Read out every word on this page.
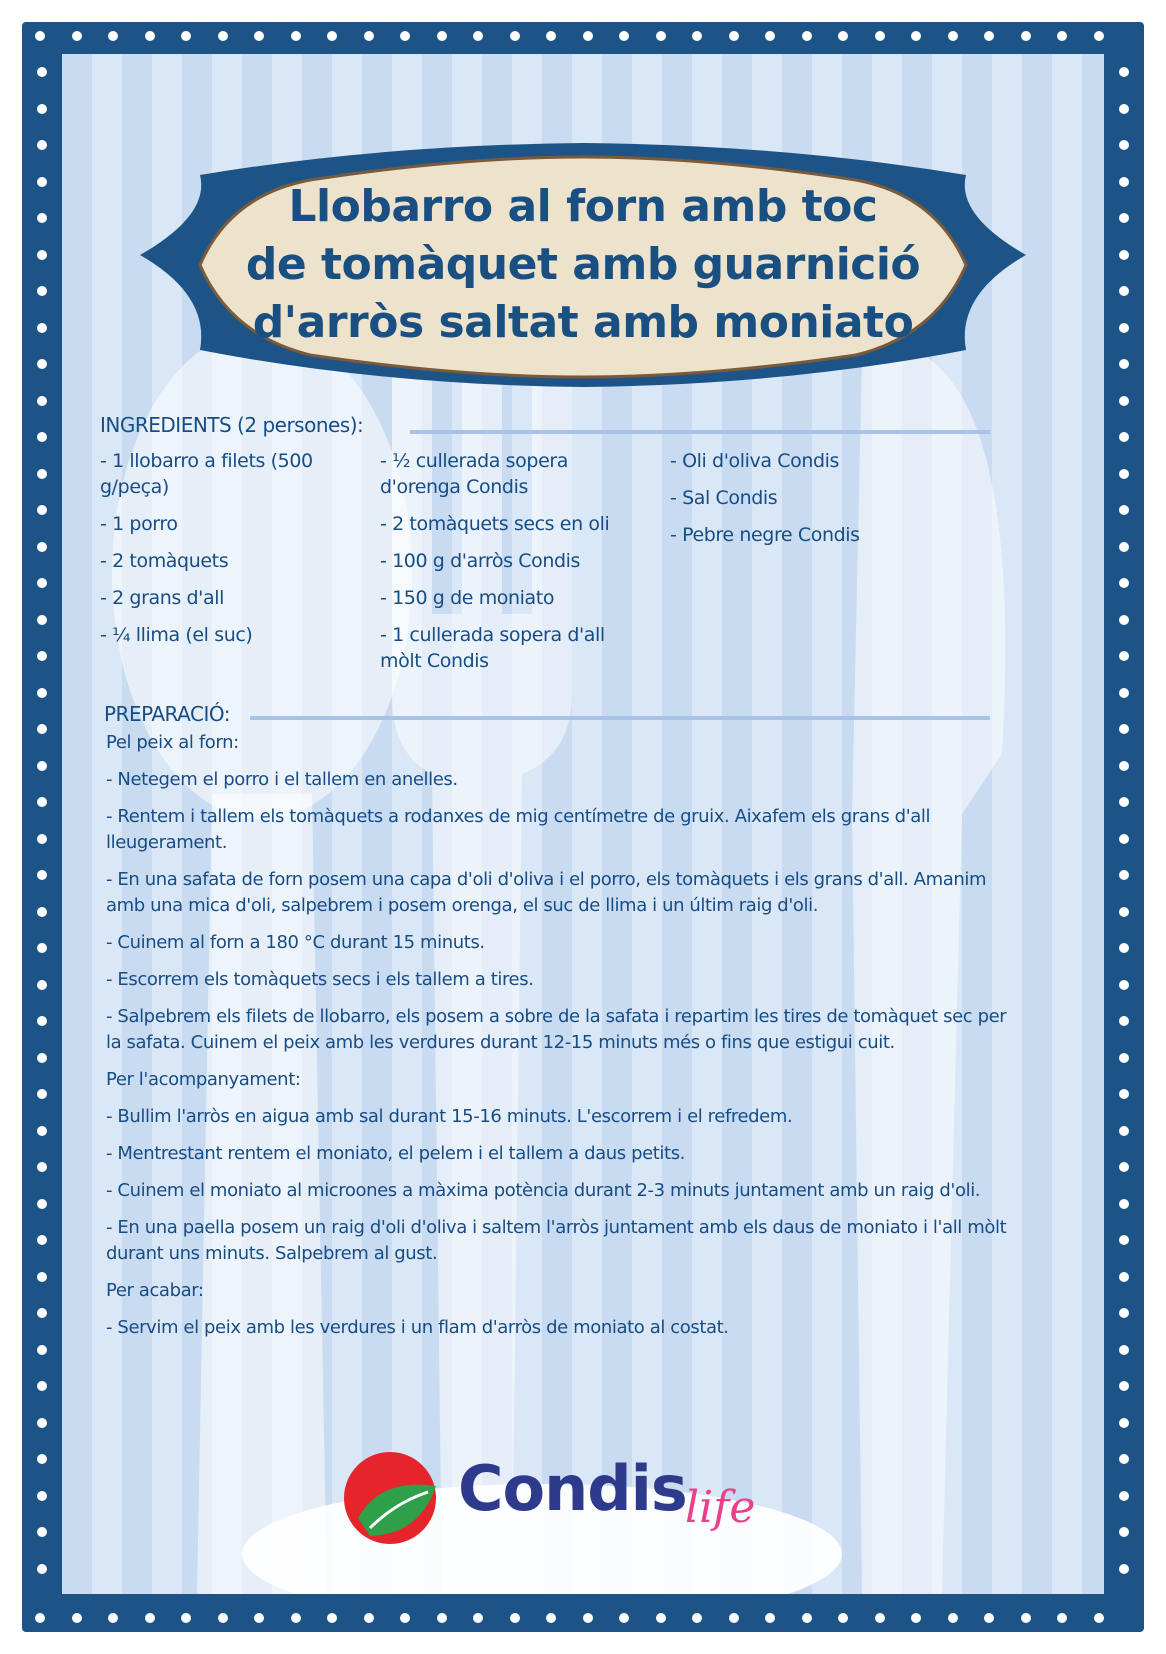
Llobarro al forn amb toc
de tomàquet amb guarnició
d'arròs saltat amb moniato
INGREDIENTS (2 persones):
- 1 llobarro a filets (500 g/peça)
- 1 porro
- 2 tomàquets
- 2 grans d'all
- ¼ llima (el suc)
- ½ cullerada sopera d'orenga Condis
- 2 tomàquets secs en oli
- 100 g d'arròs Condis
- 150 g de moniato
- 1 cullerada sopera d'all mòlt Condis
- Oli d'oliva Condis
- Sal Condis
- Pebre negre Condis
PREPARACIÓ:
Pel peix al forn:
- Netegem el porro i el tallem en anelles.
- Rentem i tallem els tomàquets a rodanxes de mig centímetre de gruix. Aixafem els grans d'all lleugerament.
- En una safata de forn posem una capa d'oli d'oliva i el porro, els tomàquets i els grans d'all. Amanim amb una mica d'oli, salpebrem i posem orenga, el suc de llima i un últim raig d'oli.
- Cuinem al forn a 180 °C durant 15 minuts.
- Escorrem els tomàquets secs i els tallem a tires.
- Salpebrem els filets de llobarro, els posem a sobre de la safata i repartim les tires de tomàquet sec per la safata. Cuinem el peix amb les verdures durant 12-15 minuts més o fins que estigui cuit.
Per l'acompanyament:
- Bullim l'arròs en aigua amb sal durant 15-16 minuts. L'escorrem i el refredem.
- Mentrestant rentem el moniato, el pelem i el tallem a daus petits.
- Cuinem el moniato al microones a màxima potència durant 2-3 minuts juntament amb un raig d'oli.
- En una paella posem un raig d'oli d'oliva i saltem l'arròs juntament amb els daus de moniato i l'all mòlt durant uns minuts. Salpebrem al gust.
Per acabar:
- Servim el peix amb les verdures i un flam d'arròs de moniato al costat.
Condis
life
